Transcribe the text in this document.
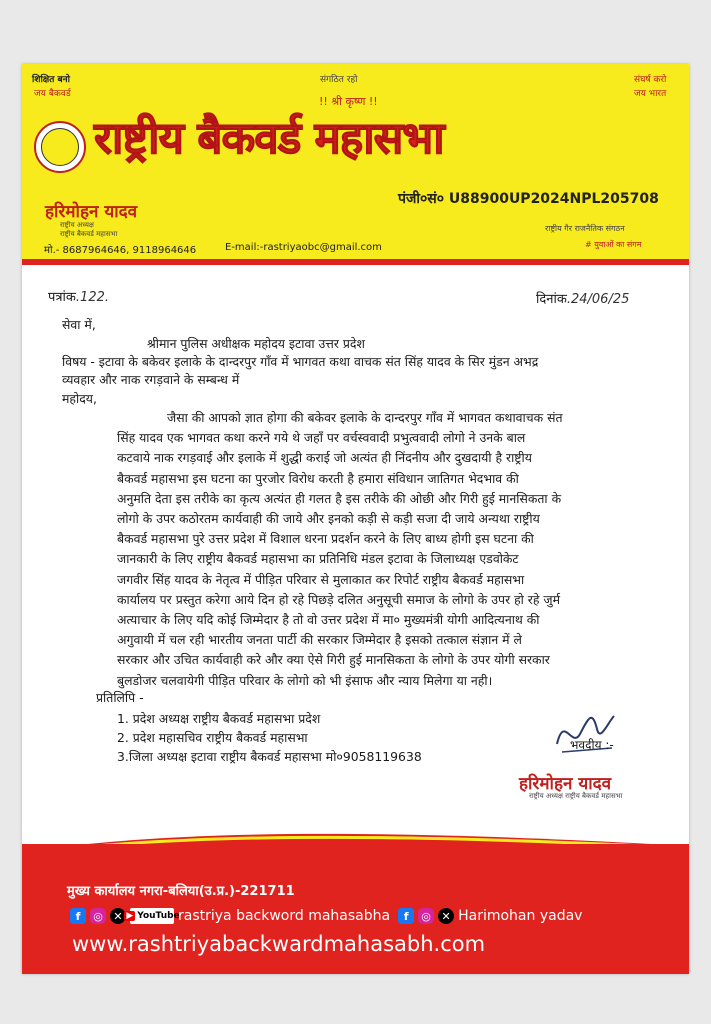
शिक्षित बनो
जय बैकवर्ड
संगठित रहो	संघर्ष करो
जय भारत
!! श्री कृष्ण !!
राष्ट्रीय बैकवर्ड महासभा
पंजी०सं० U88900UP2024NPL205708
हरिमोहन यादव
राष्ट्रीय अध्यक्ष
राष्ट्रीय बैकवर्ड महासभा
मो.- 8687964646, 9118964646	E-mail:-rastriyaobc@gmail.com
राष्ट्रीय गैर राजनैतिक संगठन
# युवाओं का संगम
पत्रांक.122.	दिनांक.24/06/25
सेवा में,
श्रीमान पुलिस अधीक्षक महोदय इटावा उत्तर प्रदेश
विषय - इटावा के बकेवर इलाके के दान्दरपुर गाँव में भागवत कथा वाचक संत सिंह यादव के सिर मुंडन अभद्र
व्यवहार और नाक रगड़वाने के सम्बन्ध में
महोदय,
जैसा की आपको ज्ञात होगा की बकेवर इलाके के दान्दरपुर गाँव में भागवत कथावाचक संत
सिंह यादव एक भागवत कथा करने गये थे जहाँ पर वर्चस्ववादी प्रभुत्ववादी लोगो ने उनके बाल
कटवाये नाक रगड़वाई और इलाके में शुद्धी कराई जो अत्यंत ही निंदनीय और दुखदायी है राष्ट्रीय
बैकवर्ड महासभा इस घटना का पुरजोर विरोध करती है हमारा संविधान जातिगत भेदभाव की
अनुमति देता इस तरीके का कृत्य अत्यंत ही गलत है इस तरीके की ओछी और गिरी हुई मानसिकता के
लोगो के उपर कठोरतम कार्यवाही की जाये और इनको कड़ी से कड़ी सजा दी जाये अन्यथा राष्ट्रीय
बैकवर्ड महासभा पुरे उत्तर प्रदेश में विशाल धरना प्रदर्शन करने के लिए बाध्य होगी इस घटना की
जानकारी के लिए राष्ट्रीय बैकवर्ड महासभा का प्रतिनिधि मंडल इटावा के जिलाध्यक्ष एडवोकेट
जगवीर सिंह यादव के नेतृत्व में पीड़ित परिवार से मुलाकात कर रिपोर्ट राष्ट्रीय बैकवर्ड महासभा
कार्यालय पर प्रस्तुत करेगा आये दिन हो रहे पिछड़े दलित अनुसूची समाज के लोगो के उपर हो रहे जुर्म
अत्याचार के लिए यदि कोई जिम्मेदार है तो वो उत्तर प्रदेश में मा० मुख्यमंत्री योगी आदित्यनाथ की
अगुवायी में चल रही भारतीय जनता पार्टी की सरकार जिम्मेदार है इसको तत्काल संज्ञान में ले
सरकार और उचित कार्यवाही करे और क्या ऐसे गिरी हुई मानसिकता के लोगो के उपर योगी सरकार
बुलडोजर चलवायेगी पीड़ित परिवार के लोगो को भी इंसाफ और न्याय मिलेगा या नही।
प्रतिलिपि -
1. प्रदेश अध्यक्ष राष्ट्रीय बैकवर्ड महासभा प्रदेश
2. प्रदेश महासचिव राष्ट्रीय बैकवर्ड महासभा
3.जिला अध्यक्ष इटावा राष्ट्रीय बैकवर्ड महासभा मो०9058119638
भवदीय :-
हरिमोहन यादव
राष्ट्रीय अध्यक्ष राष्ट्रीय बैकवर्ड महासभा
मुख्य कार्यालय नगरा-बलिया(उ.प्र.)-221711
f	◎ ✕ ▶ YouTube
rastriya backword mahasabha	f	◎ ✕ Harimohan yadav
www.rashtriyabackwardmahasabh.com
